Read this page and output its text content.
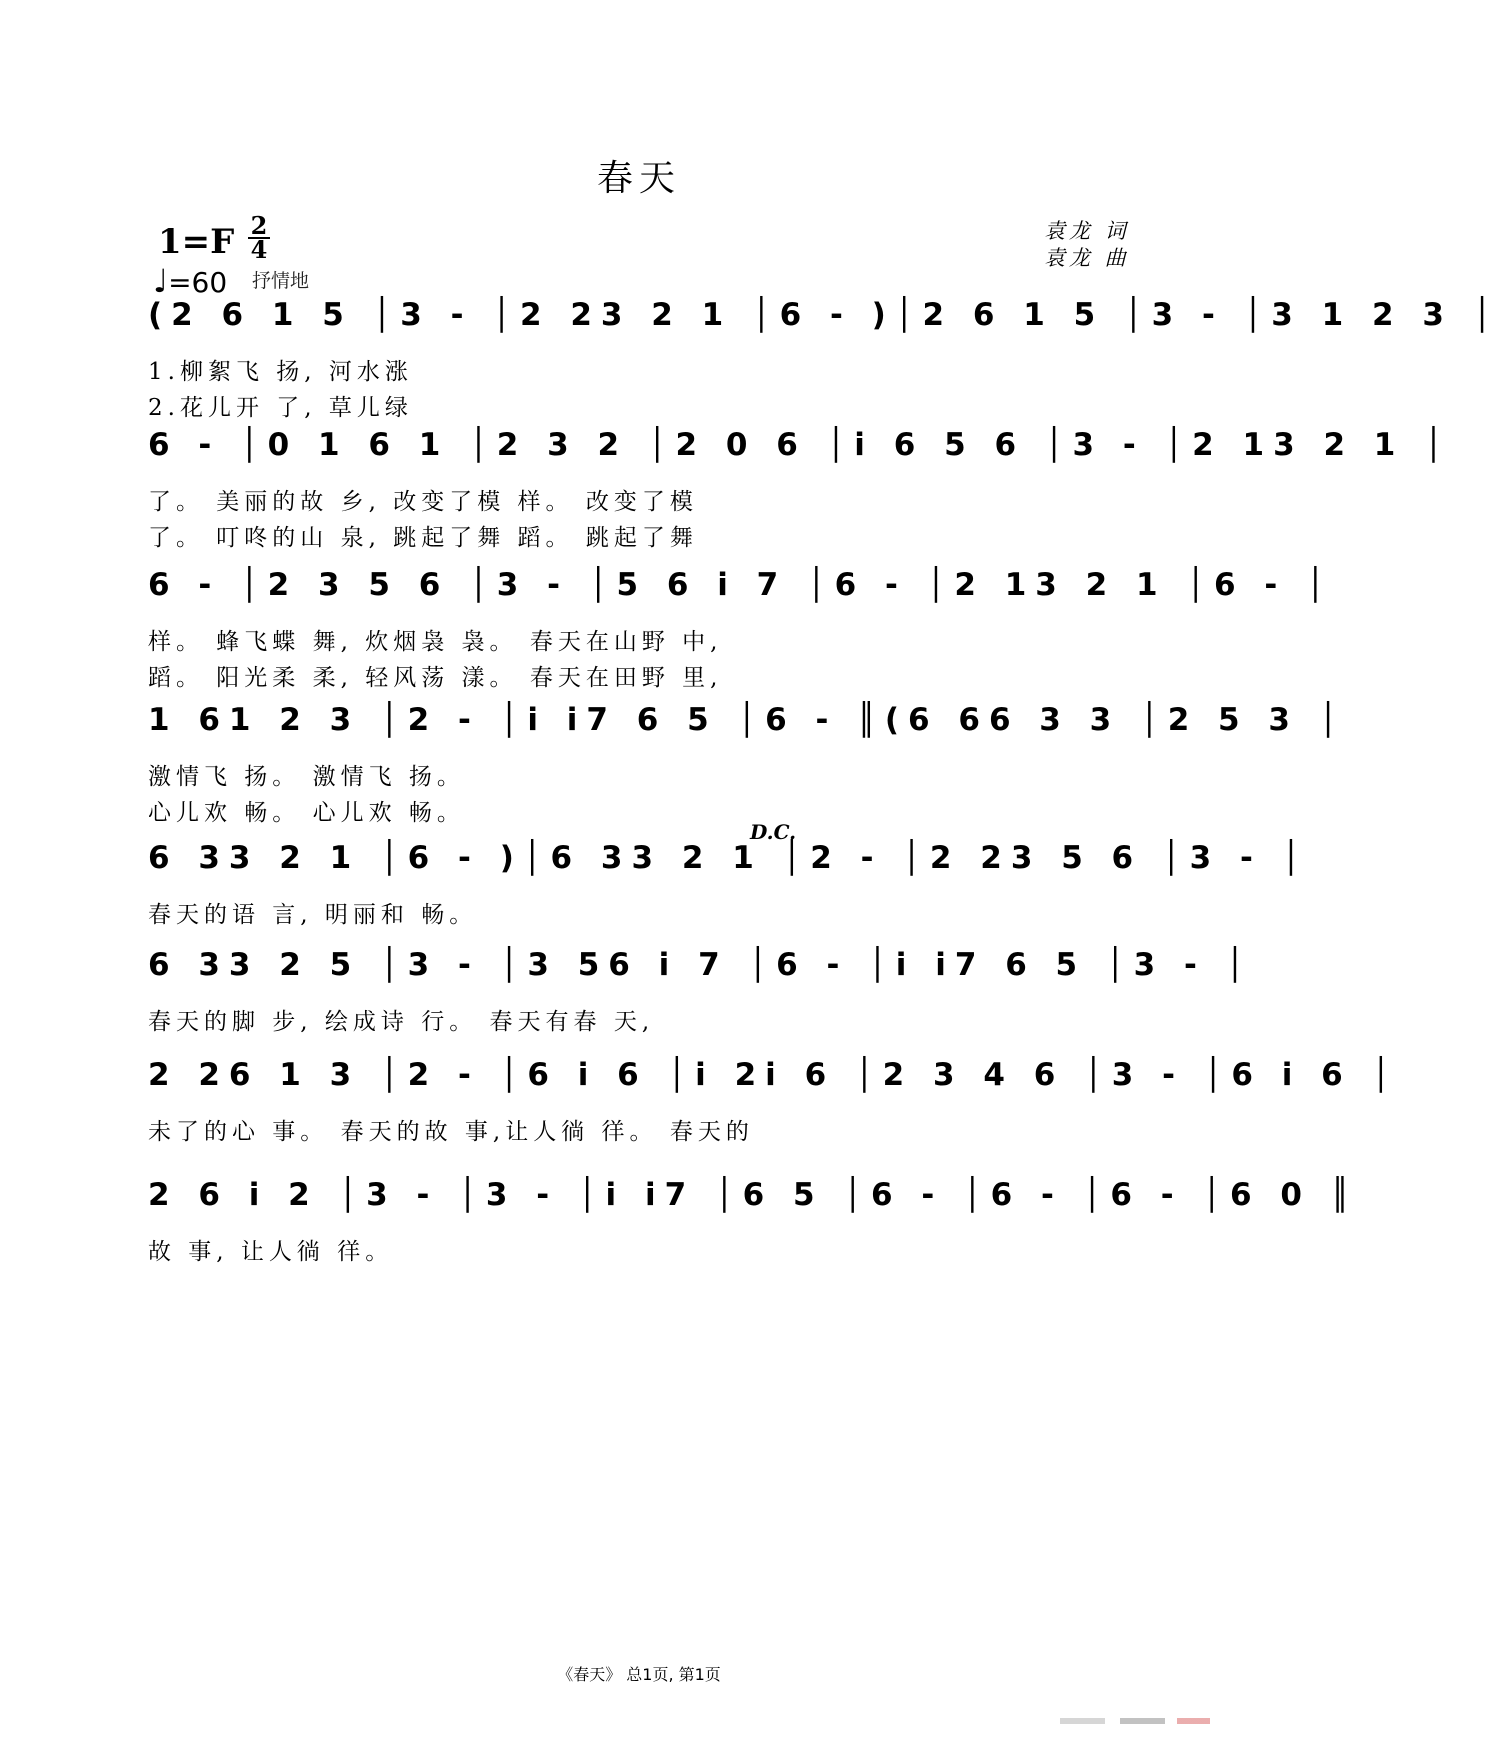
春天
袁龙 词
袁龙 曲
1=F 2
4
♩=60 抒情地
(2 6 1 5 │3 - │2 23 2 1 │6 - )│2 6 1 5 │3 - │3 1 2 3 │
1.柳絮飞 扬, 河水涨
2.花儿开 了, 草儿绿
6 - │0 1 6 1 │2 3 2 │2 0 6 │i 6 5 6 │3 - │2 13 2 1 │
了。 美丽的故 乡, 改变了模 样。 改变了模
了。 叮咚的山 泉, 跳起了舞 蹈。 跳起了舞
6 - │2 3 5 6 │3 - │5 6 i 7 │6 - │2 13 2 1 │6 - │
样。 蜂飞蝶 舞, 炊烟袅 袅。 春天在山野 中,
蹈。 阳光柔 柔, 轻风荡 漾。 春天在田野 里,
1 61 2 3 │2 - │i i7 6 5 │6 - ║(6 66 3 3 │2 5 3 │
激情飞 扬。 激情飞 扬。
心儿欢 畅。 心儿欢 畅。
6 33 2 1 │6 - )│6 33 2 1 │2 - │2 23 5 6 │3 - │
春天的语 言, 明丽和 畅。
6 33 2 5 │3 - │3 56 i 7 │6 - │i i7 6 5 │3 - │
春天的脚 步, 绘成诗 行。 春天有春 天,
2 26 1 3 │2 - │6 i 6 │i 2i 6 │2 3 4 6 │3 - │6 i 6 │
未了的心 事。 春天的故 事,让人徜 徉。 春天的
2 6 i 2 │3 - │3 - │i i7 │6 5 │6 - │6 - │6 - │6 0 ║
故 事, 让人徜 徉。
D.C.
《春天》 总1页, 第1页
